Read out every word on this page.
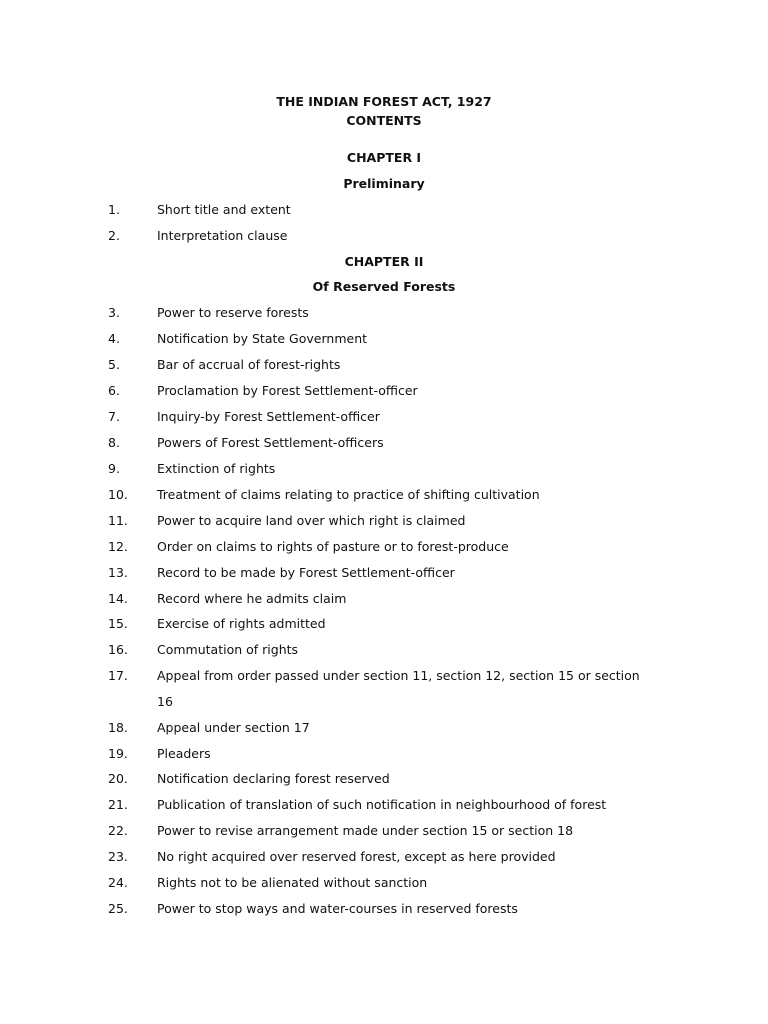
THE INDIAN FOREST ACT, 1927
CONTENTS
CHAPTER I
Preliminary
1.	Short title and extent
2.	Interpretation clause
CHAPTER II
Of Reserved Forests
3.	Power to reserve forests
4.	Notification by State Government
5.	Bar of accrual of forest-rights
6.	Proclamation by Forest Settlement-officer
7.	Inquiry-by Forest Settlement-officer
8.	Powers of Forest Settlement-officers
9.	Extinction of rights
10.	Treatment of claims relating to practice of shifting cultivation
11.	Power to acquire land over which right is claimed
12.	Order on claims to rights of pasture or to forest-produce
13.	Record to be made by Forest Settlement-officer
14.	Record where he admits claim
15.	Exercise of rights admitted
16.	Commutation of rights
17.	Appeal from order passed under section 11, section 12, section 15 or section
16
18.	Appeal under section 17
19.	Pleaders
20.	Notification declaring forest reserved
21.	Publication of translation of such notification in neighbourhood of forest
22.	Power to revise arrangement made under section 15 or section 18
23.	No right acquired over reserved forest, except as here provided
24.	Rights not to be alienated without sanction
25.	Power to stop ways and water-courses in reserved forests
